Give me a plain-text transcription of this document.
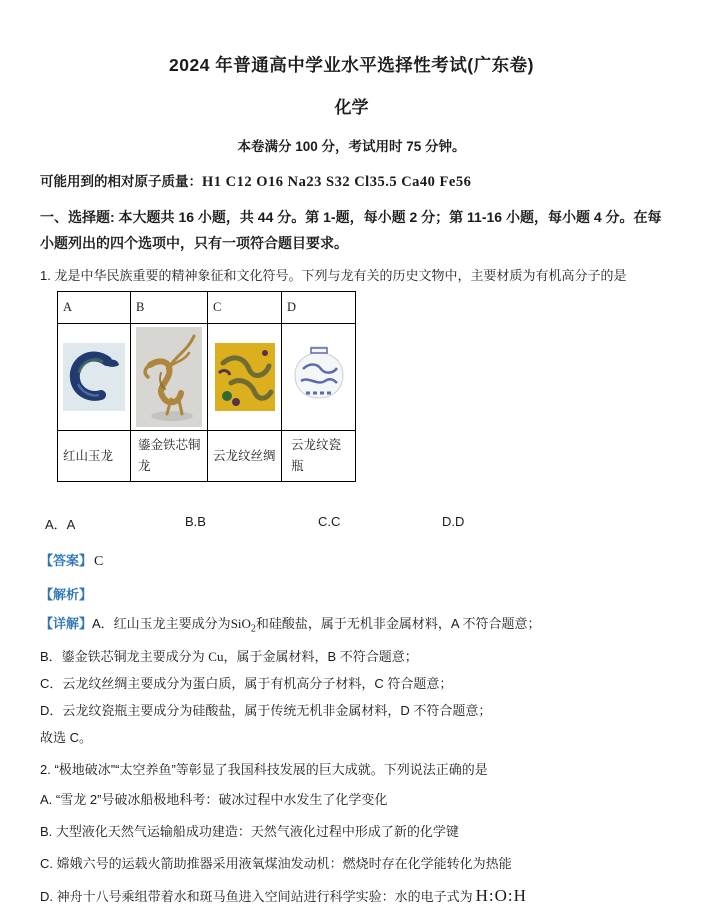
2024 年普通高中学业水平选择性考试(广东卷)
化学
本卷满分 100 分，考试用时 75 分钟。
可能用到的相对原子质量：H1 C12 O16 Na23 S32 Cl35.5 Ca40 Fe56
一、选择题: 本大题共 16 小题，共 44 分。第 1-题，每小题 2 分；第 11-16 小题，每小题 4 分。在每小题列出的四个选项中，只有一项符合题目要求。
1. 龙是中华民族重要的精神象征和文化符号。下列与龙有关的历史文物中，主要材质为有机高分子的是
A	B	C	D

红山玉龙	鎏金铁芯铜龙	云龙纹丝绸	云龙纹瓷瓶
A．A	B.B	C.C	D.D
【答案】 C
【解析】

【详解】A．红山玉龙主要成分为SiO$_2$和硅酸盐，属于无机非金属材料，A 不符合题意；

B．鎏金铁芯铜龙主要成分为 Cu，属于金属材料，B 不符合题意；

C．云龙纹丝绸主要成分为蛋白质，属于有机高分子材料，C 符合题意；

D．云龙纹瓷瓶主要成分为硅酸盐，属于传统无机非金属材料，D 不符合题意；

故选 C。

2. “极地破冰”“太空养鱼”等彰显了我国科技发展的巨大成就。下列说法正确的是
A. “雪龙 2”号破冰船极地科考：破冰过程中水发生了化学变化
B. 大型液化天然气运输船成功建造：天然气液化过程中形成了新的化学键
C. 嫦娥六号的运载火箭助推器采用液氧煤油发动机：燃烧时存在化学能转化为热能
D. 神舟十八号乘组带着水和斑马鱼进入空间站进行科学实验：水的电子式为 H:O:H
